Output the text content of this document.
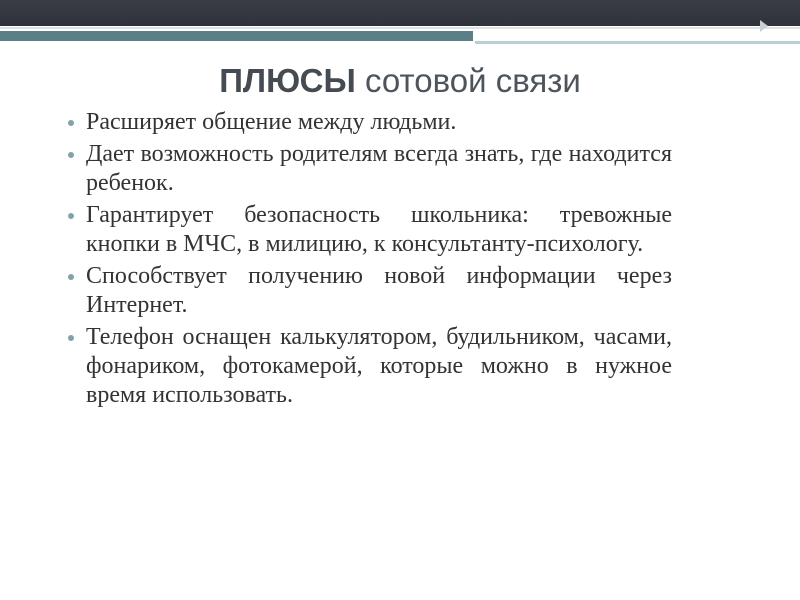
ПЛЮСЫ сотовой связи
Расширяет общение между людьми.
Дает возможность родителям всегда знать, где находится ребенок.
Гарантирует безопасность школьника: тревожные кнопки в МЧС, в милицию, к консультанту-психологу.
Способствует получению новой информации через Интернет.
Телефон оснащен калькулятором, будильником, часами, фонариком, фотокамерой, которые можно в нужное время использовать.
